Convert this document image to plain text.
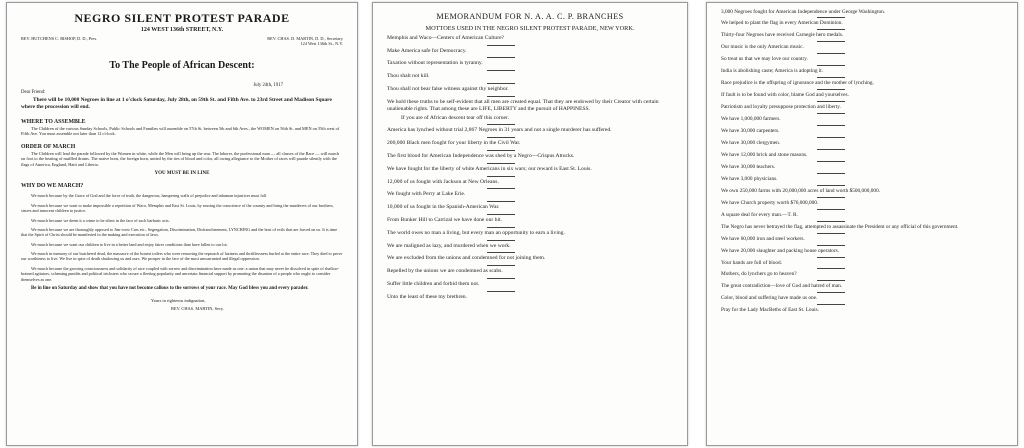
NEGRO SILENT PROTEST PARADE
124 WEST 136th STREET, N.Y.
REV. HUTCHENS C. BISHOP, D. D., Pres.	REV. CHAS. D. MARTIN, D. D., Secretary
124 West 136th St., N.Y.
To The People of African Descent:
July 24th, 1917
Dear Friend:
There will be 10,000 Negroes in line at 1 o'clock Saturday, July 28th, on 59th St. and Fifth Ave. to 23rd Street and Madison Square where the procession will end.
WHERE TO ASSEMBLE
The Children of the various Sunday Schools, Public Schools and Families will assemble on 57th St. between 5th and 6th Aves., the WOMEN on 56th St. and MEN on 55th west of Fifth Ave. You must assemble not later than 12 o'clock.
ORDER OF MARCH
The Children will lead the parade followed by the Women in white, while the Men will bring up the rear. The laborer, the professional man — all classes of the Race — will march on foot to the beating of muffled drums. The native born, the foreign born, united by the ties of blood and color, all owing allegiance to the Mother of races will parade silently with the flags of America, England, Haiti and Liberia.
YOU MUST BE IN LINE
WHY DO WE MARCH?
We march because by the Grace of God and the force of truth, the dangerous, hampering walls of prejudice and inhuman injustices must fall.
We march because we want to make impossible a repetition of Waco, Memphis and East St. Louis, by rousing the conscience of the country and bring the murderers of our brothers, sisters and innocent children to justice.
We march because we deem it a crime to be silent in the face of such barbaric acts.
We march because we are thoroughly opposed to Jim-crow Cars etc., Segregation, Discrimination, Disfranchisement, LYNCHING and the host of evils that are forced on us. It is time that the Spirit of Christ should be manifested in the making and execution of laws.
We march because we want our children to live in a better land and enjoy fairer conditions than have fallen to our lot.
We march in memory of our butchered dead, the massacre of the honest toilers who were removing the reproach of laziness and thriftlessness hurled at the entire race. They died to prove our worthiness to live. We live in spite of death shadowing us and ours. We prosper in the face of the most unwarranted and illegal oppression.
We march because the growing consciousness and solidarity of race coupled with sorrow and discrimination have made us one: a union that may never be dissolved in spite of shallow-brained agitators, scheming pundits and political tricksters who secure a fleeting popularity and uncertain financial support by promoting the disunion of a people who ought to consider themselves as one.
Be in line on Saturday and show that you have not become callous to the sorrows of your race. May God bless you and every parader.
Yours in righteous indignation,
REV. CHAS. MARTIN, Secy.
MEMORANDUM FOR N. A. A. C. P. BRANCHES
MOTTOES USED IN THE NEGRO SILENT PROTEST PARADE, NEW YORK.
Memphis and Waco—Centers of American Culture?
Make America safe for Democracy.
Taxation without representation is tyranny.
Thou shalt not kill.
Thou shall not bear false witness against thy neighbor.
We hold these truths to be self-evident that all men are created equal. That they are endowed by their Creator with certain unalienable rights. That among these are LIFE, LIBERTY and the pursuit of HAPPINESS.
If you are of African descent tear off this corner.
America has lynched without trial 2,867 Negroes in 31 years and not a single murderer has suffered.
200,000 Black men fought for your liberty in the Civil War.
The first blood for American Independence was shed by a Negro—Crispus Attucks.
We have fought for the liberty of white Americans in six wars; our reward is East St. Louis.
12,000 of us fought with Jackson at New Orleans.
We fought with Perry at Lake Erie.
10,000 of us fought in the Spanish-American War.
From Bunker Hill to Carrizal we have done our bit.
The world owes no man a living, but every man an opportunity to earn a living.
We are maligned as lazy, and murdered when we work.
We are excluded from the unions and condemned for not joining them.
Repelled by the unions we are condemned as scabs.
Suffer little children and forbid them not.
Unto the least of these my brethren.
3,000 Negroes fought for American Independence under George Washington.
We helped to plant the flag in every American Dominion.
Thirty-four Negroes have received Carnegie hero medals.
Our music is the only American music.
So treat us that we may love our country.
India is abolishing caste; America is adopting it.
Race prejudice is the offspring of ignorance and the mother of lynching.
If fault is to be found with color, blame God and yourselves.
Patriotism and loyalty presuppose protection and liberty.
We have 1,000,000 farmers.
We have 30,000 carpenters.
We have 30,000 clergymen.
We have 12,000 brick and stone masons.
We have 30,000 teachers.
We have 3,000 physicians.
We own 250,000 farms with 20,000,000 acres of land worth $500,000,000.
We have Church property worth $76,000,000.
A square deal for every man.—T. R.
The Negro has never betrayed the flag, attempted to assassinate the President or any official of this government.
We have 60,000 iron and steel workers.
We have 20,000 slaughter and packing house operators.
Your hands are full of blood.
Mothers, do lynchers go to heaven?
The great contradiction—love of God and hatred of man.
Color, blood and suffering have made us one.
Pray for the Lady MacBeths of East St. Louis.
